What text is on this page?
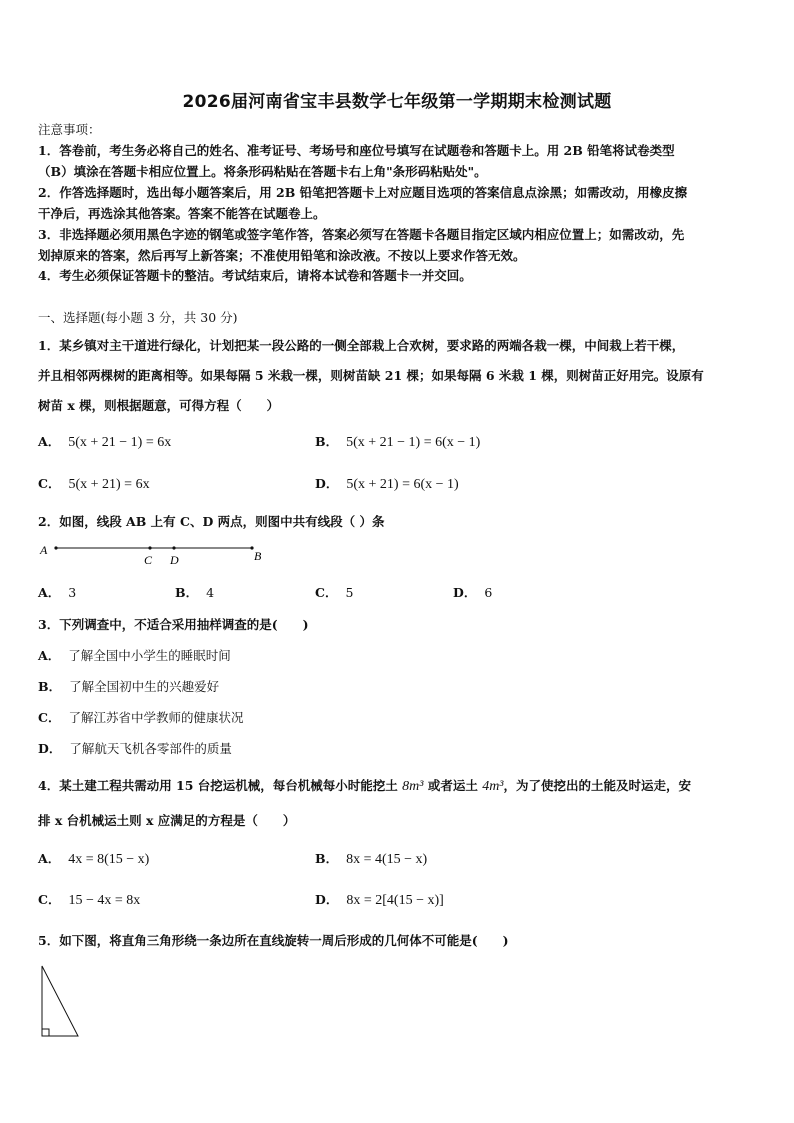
2026届河南省宝丰县数学七年级第一学期期末检测试题
注意事项：
1．答卷前，考生务必将自己的姓名、准考证号、考场号和座位号填写在试题卷和答题卡上。用 2B 铅笔将试卷类型
（B）填涂在答题卡相应位置上。将条形码粘贴在答题卡右上角"条形码粘贴处"。
2．作答选择题时，选出每小题答案后，用 2B 铅笔把答题卡上对应题目选项的答案信息点涂黑；如需改动，用橡皮擦
干净后，再选涂其他答案。答案不能答在试题卷上。
3．非选择题必须用黑色字迹的钢笔或签字笔作答，答案必须写在答题卡各题目指定区域内相应位置上；如需改动，先
划掉原来的答案，然后再写上新答案；不准使用铅笔和涂改液。不按以上要求作答无效。
4．考生必须保证答题卡的整洁。考试结束后，请将本试卷和答题卡一并交回。
一、选择题(每小题 3 分，共 30 分)
1．某乡镇对主干道进行绿化，计划把某一段公路的一侧全部栽上合欢树，要求路的两端各栽一棵，中间栽上若干棵，
并且相邻两棵树的距离相等。如果每隔 5 米栽一棵，则树苗缺 21 棵；如果每隔 6 米栽 1 棵，则树苗正好用完。设原有
树苗 x 棵，则根据题意，可得方程（　　）
A． 5(x + 21 − 1) = 6x	B． 5(x + 21 − 1) = 6(x − 1)
C． 5(x + 21) = 6x	D． 5(x + 21) = 6(x − 1)
2．如图，线段 AB 上有 C、D 两点，则图中共有线段（ ）条
A
C D	B
A． 3	B． 4	C． 5	D． 6
3．下列调查中，不适合采用抽样调查的是(　　)
A． 了解全国中小学生的睡眠时间
B． 了解全国初中生的兴趣爱好
C． 了解江苏省中学教师的健康状况
D． 了解航天飞机各零部件的质量
4．某土建工程共需动用 15 台挖运机械，每台机械每小时能挖土 8m³ 或者运土 4m³，为了使挖出的土能及时运走，安
排 x 台机械运土则 x 应满足的方程是（　　）
A． 4x = 8(15 − x)	B． 8x = 4(15 − x)
C． 15 − 4x = 8x	D． 8x = 2[4(15 − x)]
5．如下图，将直角三角形绕一条边所在直线旋转一周后形成的几何体不可能是(　　)
